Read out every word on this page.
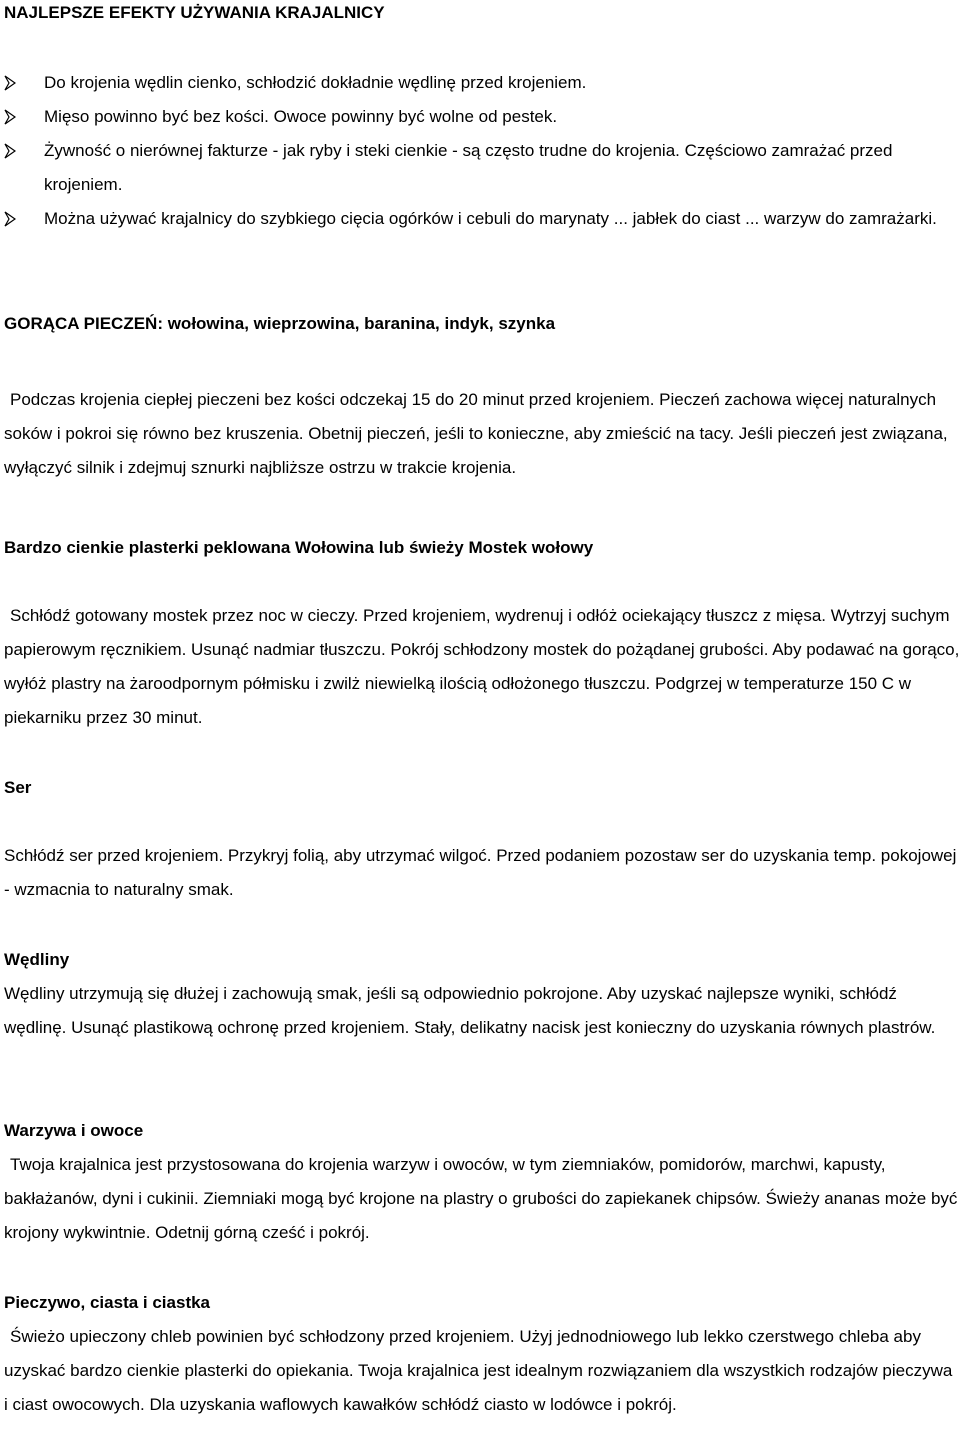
NAJLEPSZE EFEKTY UŻYWANIA KRAJALNICY
Do krojenia wędlin cienko, schłodzić dokładnie wędlinę przed krojeniem.
Mięso powinno być bez kości. Owoce powinny być wolne od pestek.
Żywność o nierównej fakturze - jak ryby i steki cienkie - są często trudne do krojenia. Częściowo zamrażać przed krojeniem.
Można używać krajalnicy do szybkiego cięcia ogórków i cebuli do marynaty ... jabłek do ciast ... warzyw do zamrażarki.
GORĄCA PIECZEŃ: wołowina, wieprzowina, baranina, indyk, szynka

Podczas krojenia ciepłej pieczeni bez kości odczekaj 15 do 20 minut przed krojeniem. Pieczeń zachowa więcej naturalnych soków i pokroi się równo bez kruszenia. Obetnij pieczeń, jeśli to konieczne, aby zmieścić na tacy. Jeśli pieczeń jest związana, wyłączyć silnik i zdejmuj sznurki najbliższe ostrzu w trakcie krojenia.

Bardzo cienkie plasterki peklowana Wołowina lub świeży Mostek wołowy

Schłódź gotowany mostek przez noc w cieczy. Przed krojeniem, wydrenuj i odłóż ociekający tłuszcz z mięsa. Wytrzyj suchym papierowym ręcznikiem. Usunąć nadmiar tłuszczu. Pokrój schłodzony mostek do pożądanej grubości. Aby podawać na gorąco, wyłóż plastry na żaroodpornym półmisku i zwilż niewielką ilością odłożonego tłuszczu. Podgrzej w temperaturze 150 C w piekarniku przez 30 minut.

Ser

Schłódź ser przed krojeniem. Przykryj folią, aby utrzymać wilgoć. Przed podaniem pozostaw ser do uzyskania temp. pokojowej - wzmacnia to naturalny smak.

Wędliny

Wędliny utrzymują się dłużej i zachowują smak, jeśli są odpowiednio pokrojone. Aby uzyskać najlepsze wyniki, schłódź wędlinę. Usunąć plastikową ochronę przed krojeniem. Stały, delikatny nacisk jest konieczny do uzyskania równych plastrów.

Warzywa i owoce

Twoja krajalnica jest przystosowana do krojenia warzyw i owoców, w tym ziemniaków, pomidorów, marchwi, kapusty, bakłażanów, dyni i cukinii. Ziemniaki mogą być krojone na plastry o grubości do zapiekanek chipsów. Świeży ananas może być krojony wykwintnie. Odetnij górną cześć i pokrój.

Pieczywo, ciasta i ciastka

Świeżo upieczony chleb powinien być schłodzony przed krojeniem. Użyj jednodniowego lub lekko czerstwego chleba aby uzyskać bardzo cienkie plasterki do opiekania. Twoja krajalnica jest idealnym rozwiązaniem dla wszystkich rodzajów pieczywa i ciast owocowych. Dla uzyskania waflowych kawałków schłódź ciasto w lodówce i pokrój.
